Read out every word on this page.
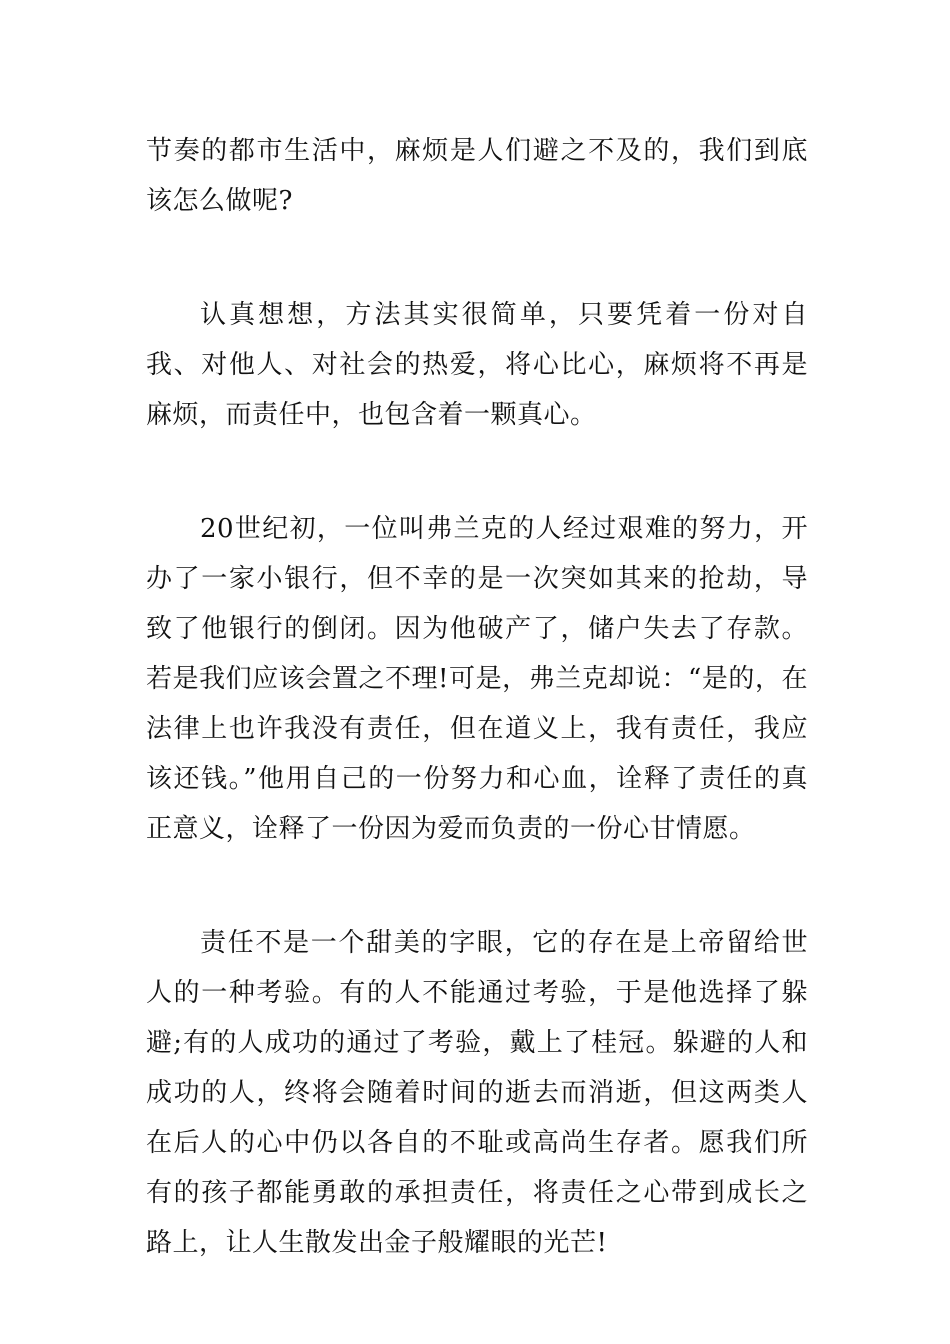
节奏的都市生活中，麻烦是人们避之不及的，我们到底该怎么做呢?

认真想想，方法其实很简单，只要凭着一份对自我、对他人、对社会的热爱，将心比心，麻烦将不再是麻烦，而责任中，也包含着一颗真心。

20世纪初，一位叫弗兰克的人经过艰难的努力，开办了一家小银行，但不幸的是一次突如其来的抢劫，导致了他银行的倒闭。因为他破产了，储户失去了存款。若是我们应该会置之不理!可是，弗兰克却说：“是的，在法律上也许我没有责任，但在道义上，我有责任，我应该还钱。”他用自己的一份努力和心血，诠释了责任的真正意义，诠释了一份因为爱而负责的一份心甘情愿。

责任不是一个甜美的字眼，它的存在是上帝留给世人的一种考验。有的人不能通过考验，于是他选择了躲避;有的人成功的通过了考验，戴上了桂冠。躲避的人和成功的人，终将会随着时间的逝去而消逝，但这两类人在后人的心中仍以各自的不耻或高尚生存者。愿我们所有的孩子都能勇敢的承担责任，将责任之心带到成长之路上，让人生散发出金子般耀眼的光芒!
